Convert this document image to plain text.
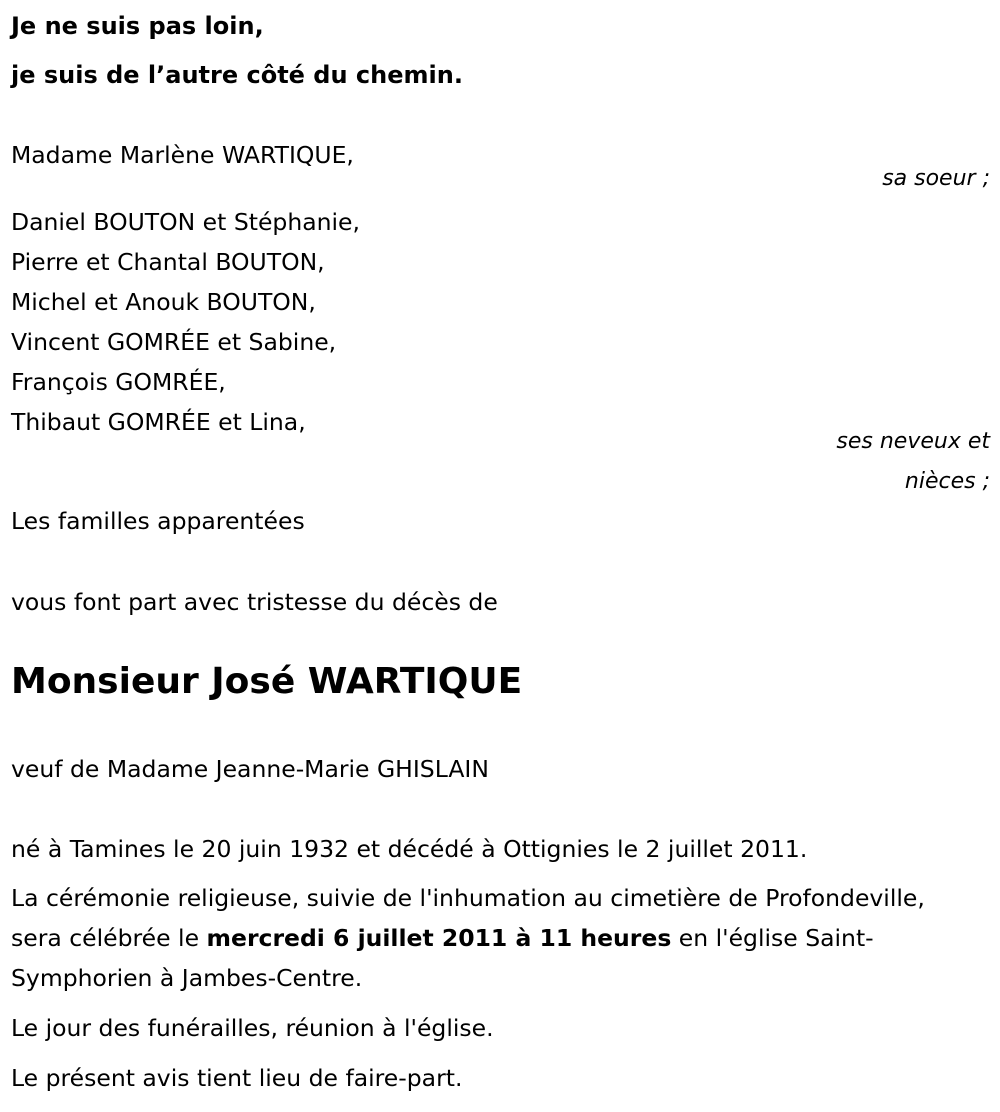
Je ne suis pas loin,
je suis de l’autre côté du chemin.
Madame Marlène WARTIQUE,
sa soeur ;
Daniel BOUTON et Stéphanie,
Pierre et Chantal BOUTON,
Michel et Anouk BOUTON,
Vincent GOMRÉE et Sabine,
François GOMRÉE,
Thibaut GOMRÉE et Lina,
ses neveux et
nièces ;
Les familles apparentées
vous font part avec tristesse du décès de
Monsieur José WARTIQUE
veuf de Madame Jeanne-Marie GHISLAIN
né à Tamines le 20 juin 1932 et décédé à Ottignies le 2 juillet 2011.
La cérémonie religieuse, suivie de l'inhumation au cimetière de Profondeville, sera célébrée le mercredi 6 juillet 2011 à 11 heures en l'église Saint-Symphorien à Jambes-Centre.
Le jour des funérailles, réunion à l'église.
Le présent avis tient lieu de faire-part.
